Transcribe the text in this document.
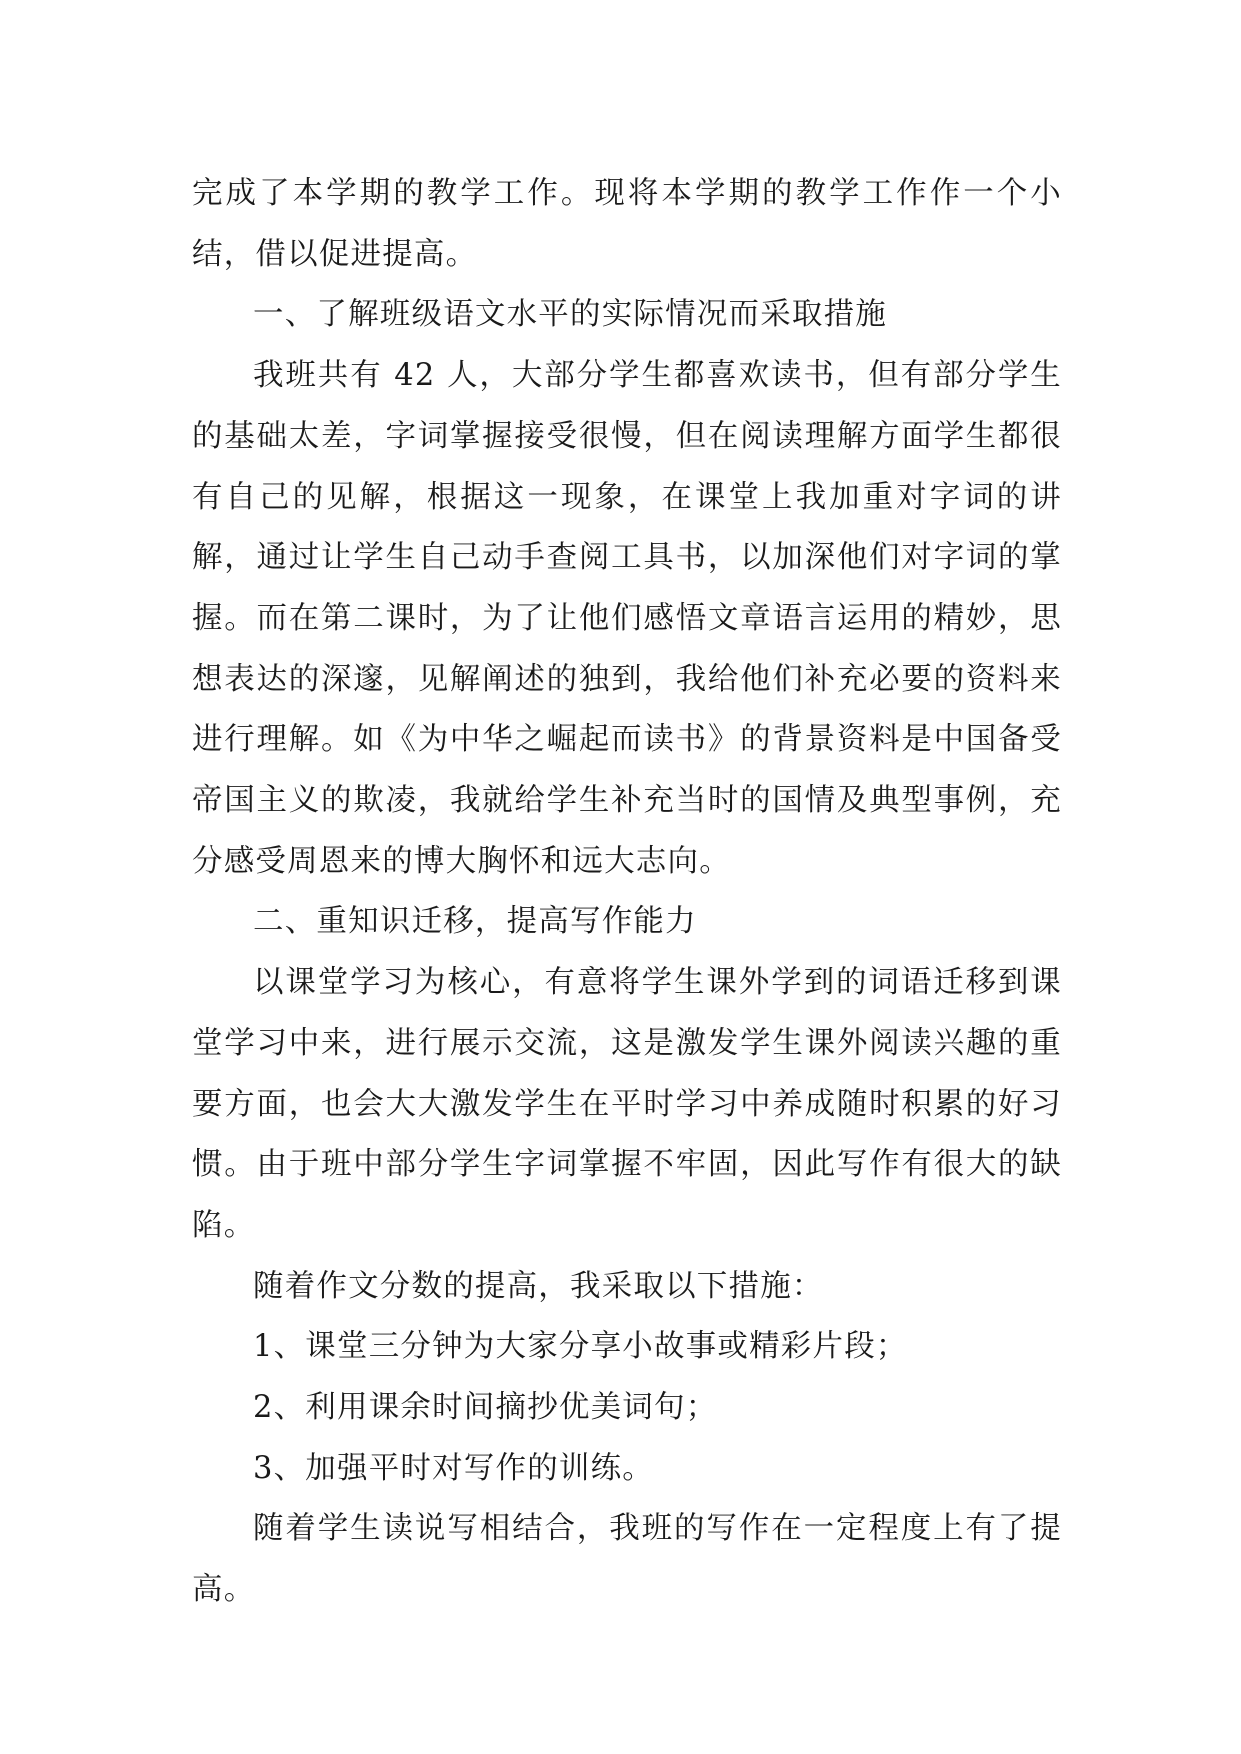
完成了本学期的教学工作。现将本学期的教学工作作一个小结，借以促进提高。

一、了解班级语文水平的实际情况而采取措施

我班共有 42 人，大部分学生都喜欢读书，但有部分学生的基础太差，字词掌握接受很慢，但在阅读理解方面学生都很有自己的见解，根据这一现象，在课堂上我加重对字词的讲解，通过让学生自己动手查阅工具书，以加深他们对字词的掌握。而在第二课时，为了让他们感悟文章语言运用的精妙，思想表达的深邃，见解阐述的独到，我给他们补充必要的资料来进行理解。如《为中华之崛起而读书》的背景资料是中国备受帝国主义的欺凌，我就给学生补充当时的国情及典型事例，充分感受周恩来的博大胸怀和远大志向。

二、重知识迁移，提高写作能力

以课堂学习为核心，有意将学生课外学到的词语迁移到课堂学习中来，进行展示交流，这是激发学生课外阅读兴趣的重要方面，也会大大激发学生在平时学习中养成随时积累的好习惯。由于班中部分学生字词掌握不牢固，因此写作有很大的缺陷。

随着作文分数的提高，我采取以下措施：

1、课堂三分钟为大家分享小故事或精彩片段；

2、利用课余时间摘抄优美词句；

3、加强平时对写作的训练。

随着学生读说写相结合，我班的写作在一定程度上有了提高。
